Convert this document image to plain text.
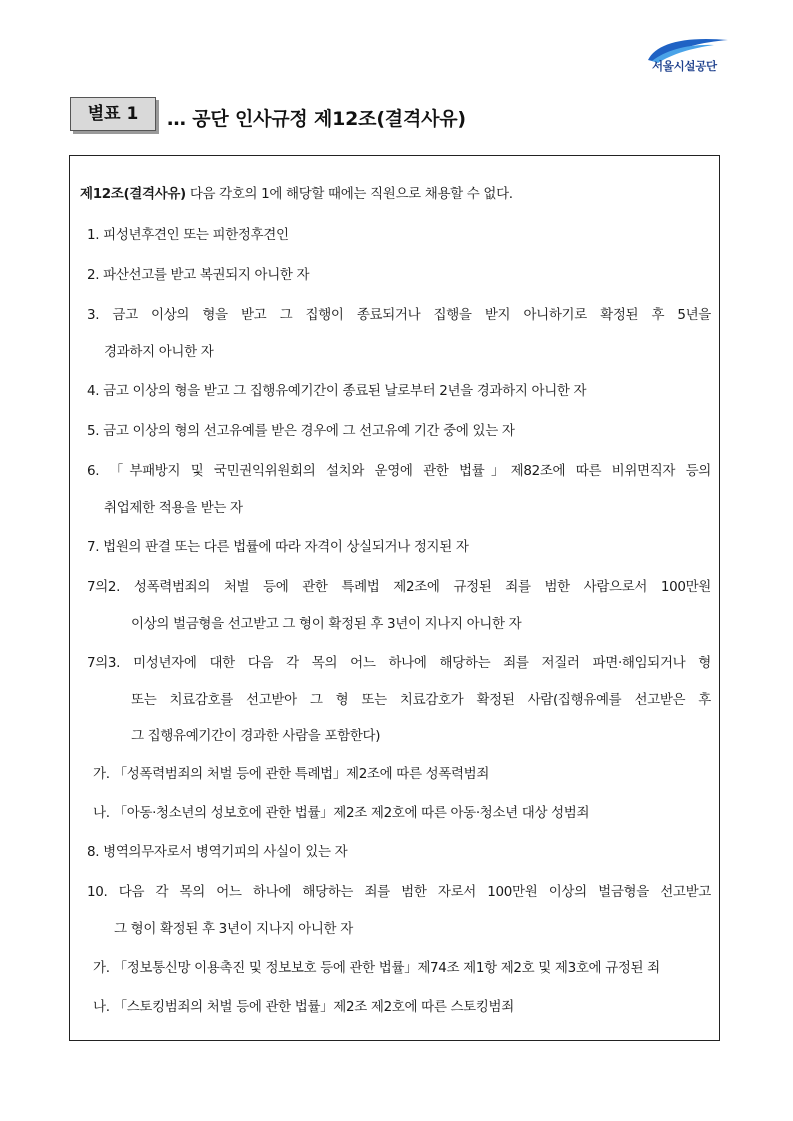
서울시설공단
별표 1	… 공단 인사규정 제12조(결격사유)
제12조(결격사유) 다음 각호의 1에 해당할 때에는 직원으로 채용할 수 없다.
1. 피성년후견인 또는 피한정후견인
2. 파산선고를 받고 복권되지 아니한 자
3. 금고 이상의 형을 받고 그 집행이 종료되거나 집행을 받지 아니하기로 확정된 후 5년을
경과하지 아니한 자
4. 금고 이상의 형을 받고 그 집행유예기간이 종료된 날로부터 2년을 경과하지 아니한 자
5. 금고 이상의 형의 선고유예를 받은 경우에 그 선고유예 기간 중에 있는 자
6. 「부패방지 및 국민권익위원회의 설치와 운영에 관한 법률」제82조에 따른 비위면직자 등의
취업제한 적용을 받는 자
7. 법원의 판결 또는 다른 법률에 따라 자격이 상실되거나 정지된 자
7의2. 성폭력범죄의 처벌 등에 관한 특례법 제2조에 규정된 죄를 범한 사람으로서 100만원
이상의 벌금형을 선고받고 그 형이 확정된 후 3년이 지나지 아니한 자
7의3. 미성년자에 대한 다음 각 목의 어느 하나에 해당하는 죄를 저질러 파면·해임되거나 형
또는 치료감호를 선고받아 그 형 또는 치료감호가 확정된 사람(집행유예를 선고받은 후
그 집행유예기간이 경과한 사람을 포함한다)
가. 「성폭력범죄의 처벌 등에 관한 특례법」제2조에 따른 성폭력범죄
나. 「아동·청소년의 성보호에 관한 법률」제2조 제2호에 따른 아동·청소년 대상 성범죄
8. 병역의무자로서 병역기피의 사실이 있는 자
10. 다음 각 목의 어느 하나에 해당하는 죄를 범한 자로서 100만원 이상의 벌금형을 선고받고
그 형이 확정된 후 3년이 지나지 아니한 자
가. 「정보통신망 이용촉진 및 정보보호 등에 관한 법률」제74조 제1항 제2호 및 제3호에 규정된 죄
나. 「스토킹범죄의 처벌 등에 관한 법률」제2조 제2호에 따른 스토킹범죄
